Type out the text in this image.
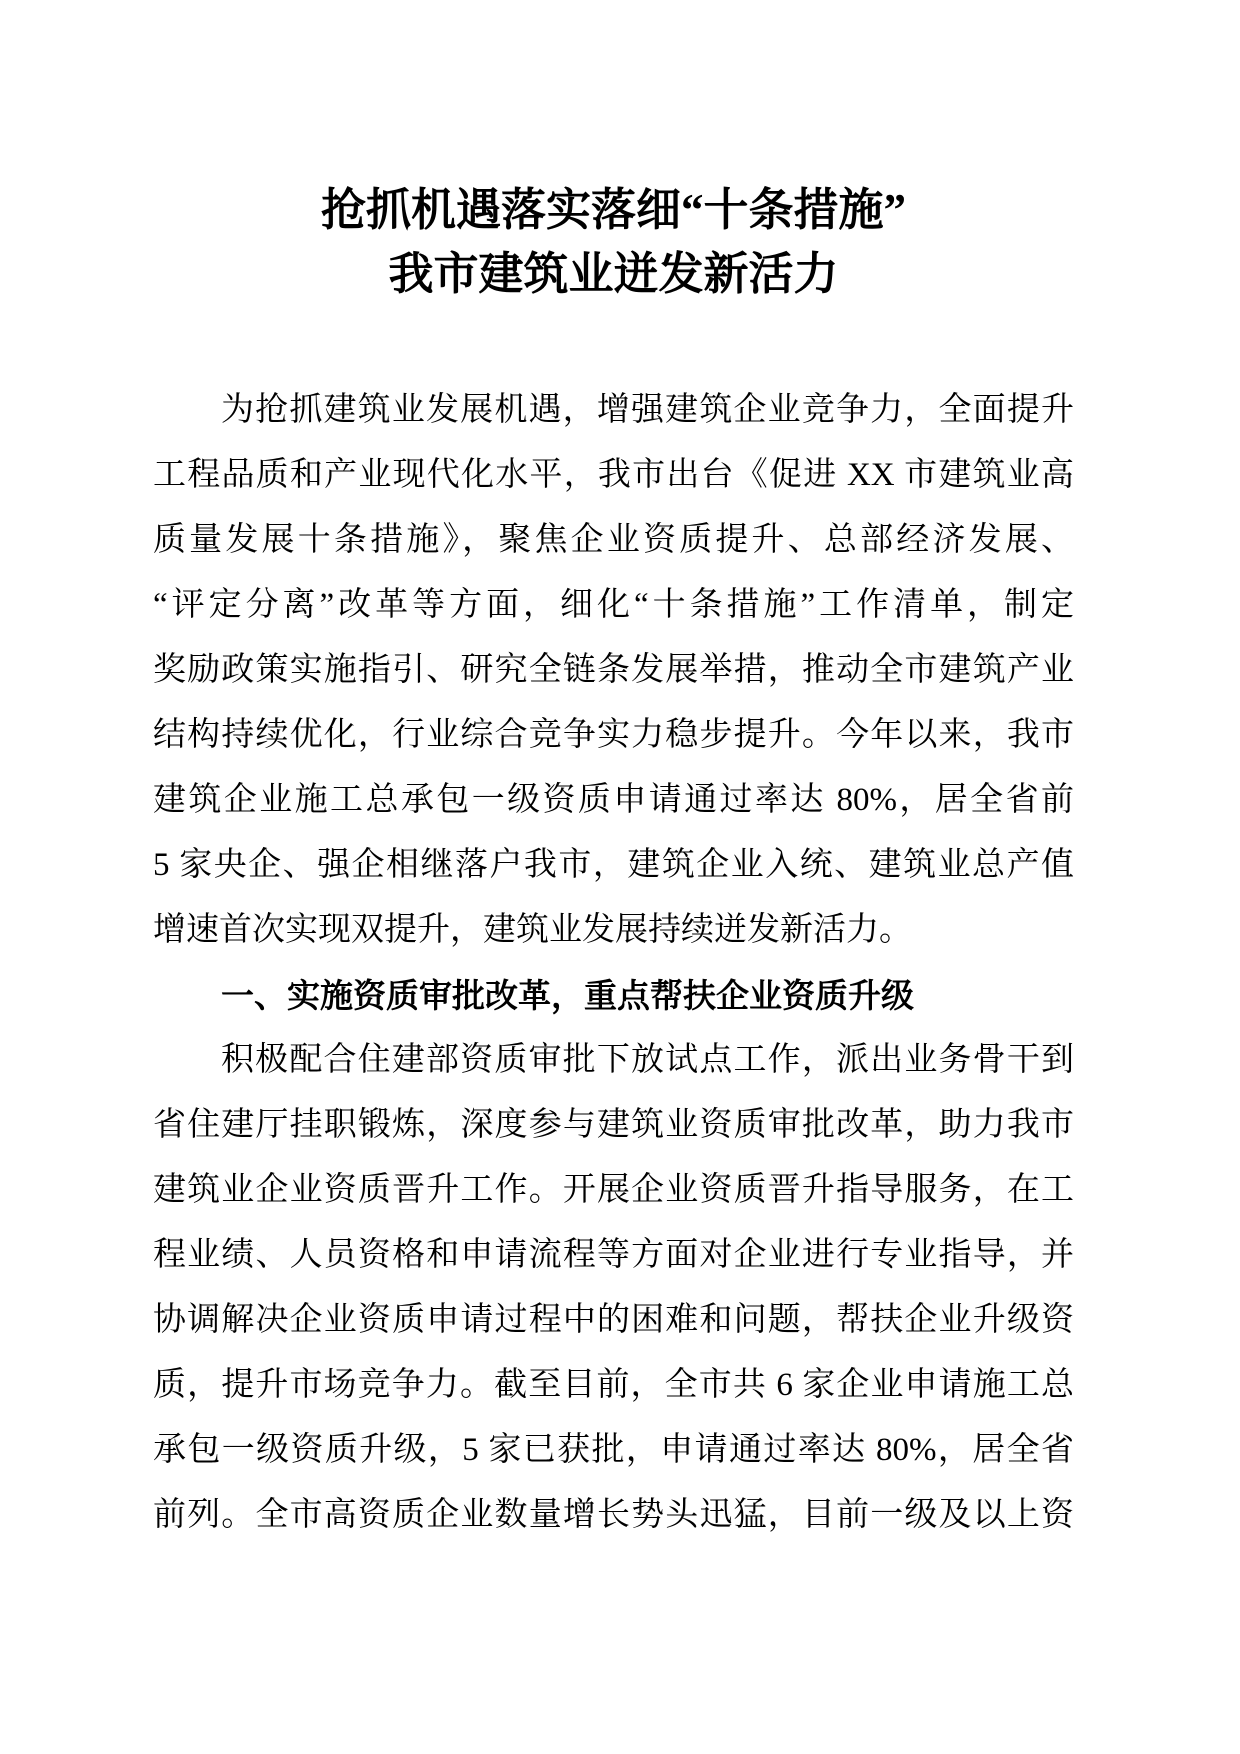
抢抓机遇落实落细“十条措施”
我市建筑业迸发新活力
为抢抓建筑业发展机遇，增强建筑企业竞争力，全面提升
工程品质和产业现代化水平，我市出台《促进 XX 市建筑业高
质量发展十条措施》，聚焦企业资质提升、总部经济发展、
“评定分离”改革等方面，细化“十条措施”工作清单，制定
奖励政策实施指引、研究全链条发展举措，推动全市建筑产业
结构持续优化，行业综合竞争实力稳步提升。今年以来，我市
建筑企业施工总承包一级资质申请通过率达 80%，居全省前
5 家央企、强企相继落户我市，建筑企业入统、建筑业总产值
增速首次实现双提升，建筑业发展持续迸发新活力。
一、实施资质审批改革，重点帮扶企业资质升级
积极配合住建部资质审批下放试点工作，派出业务骨干到
省住建厅挂职锻炼，深度参与建筑业资质审批改革，助力我市
建筑业企业资质晋升工作。开展企业资质晋升指导服务，在工
程业绩、人员资格和申请流程等方面对企业进行专业指导，并
协调解决企业资质申请过程中的困难和问题，帮扶企业升级资
质，提升市场竞争力。截至目前，全市共 6 家企业申请施工总
承包一级资质升级，5 家已获批，申请通过率达 80%，居全省
前列。全市高资质企业数量增长势头迅猛，目前一级及以上资
